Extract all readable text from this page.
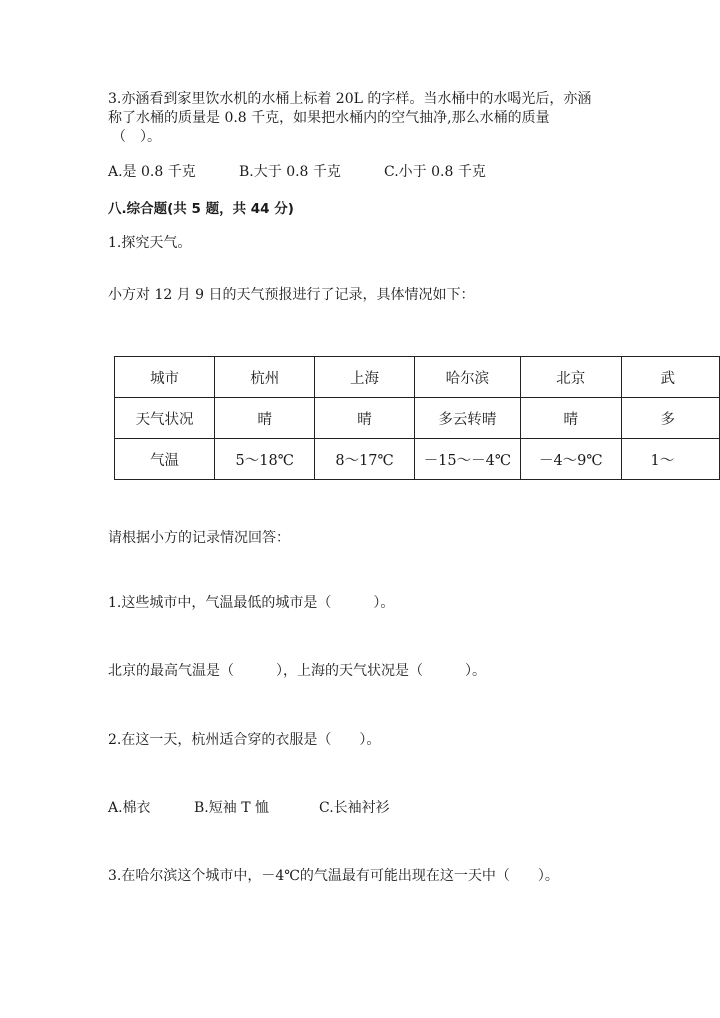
3.亦涵看到家里饮水机的水桶上标着 20L 的字样。当水桶中的水喝光后，亦涵
称了水桶的质量是 0.8 千克，如果把水桶内的空气抽净,那么水桶的质量
（　）。
A.是 0.8 千克	B.大于 0.8 千克	C.小于 0.8 千克
八.综合题(共 5 题，共 44 分)
1.探究天气。
小方对 12 月 9 日的天气预报进行了记录，具体情况如下：
城市	杭州	上海	哈尔滨	北京	武
天气状况	晴	晴	多云转晴	晴	多
气温	5～18℃	8～17℃	－15～－4℃	－4～9℃	1～
请根据小方的记录情况回答：
1.这些城市中，气温最低的城市是（　　　）。
北京的最高气温是（　　　），上海的天气状况是（　　　）。
2.在这一天，杭州适合穿的衣服是（　　）。
A.棉衣	B.短袖 T 恤	C.长袖衬衫
3.在哈尔滨这个城市中，－4℃的气温最有可能出现在这一天中（　　）。
